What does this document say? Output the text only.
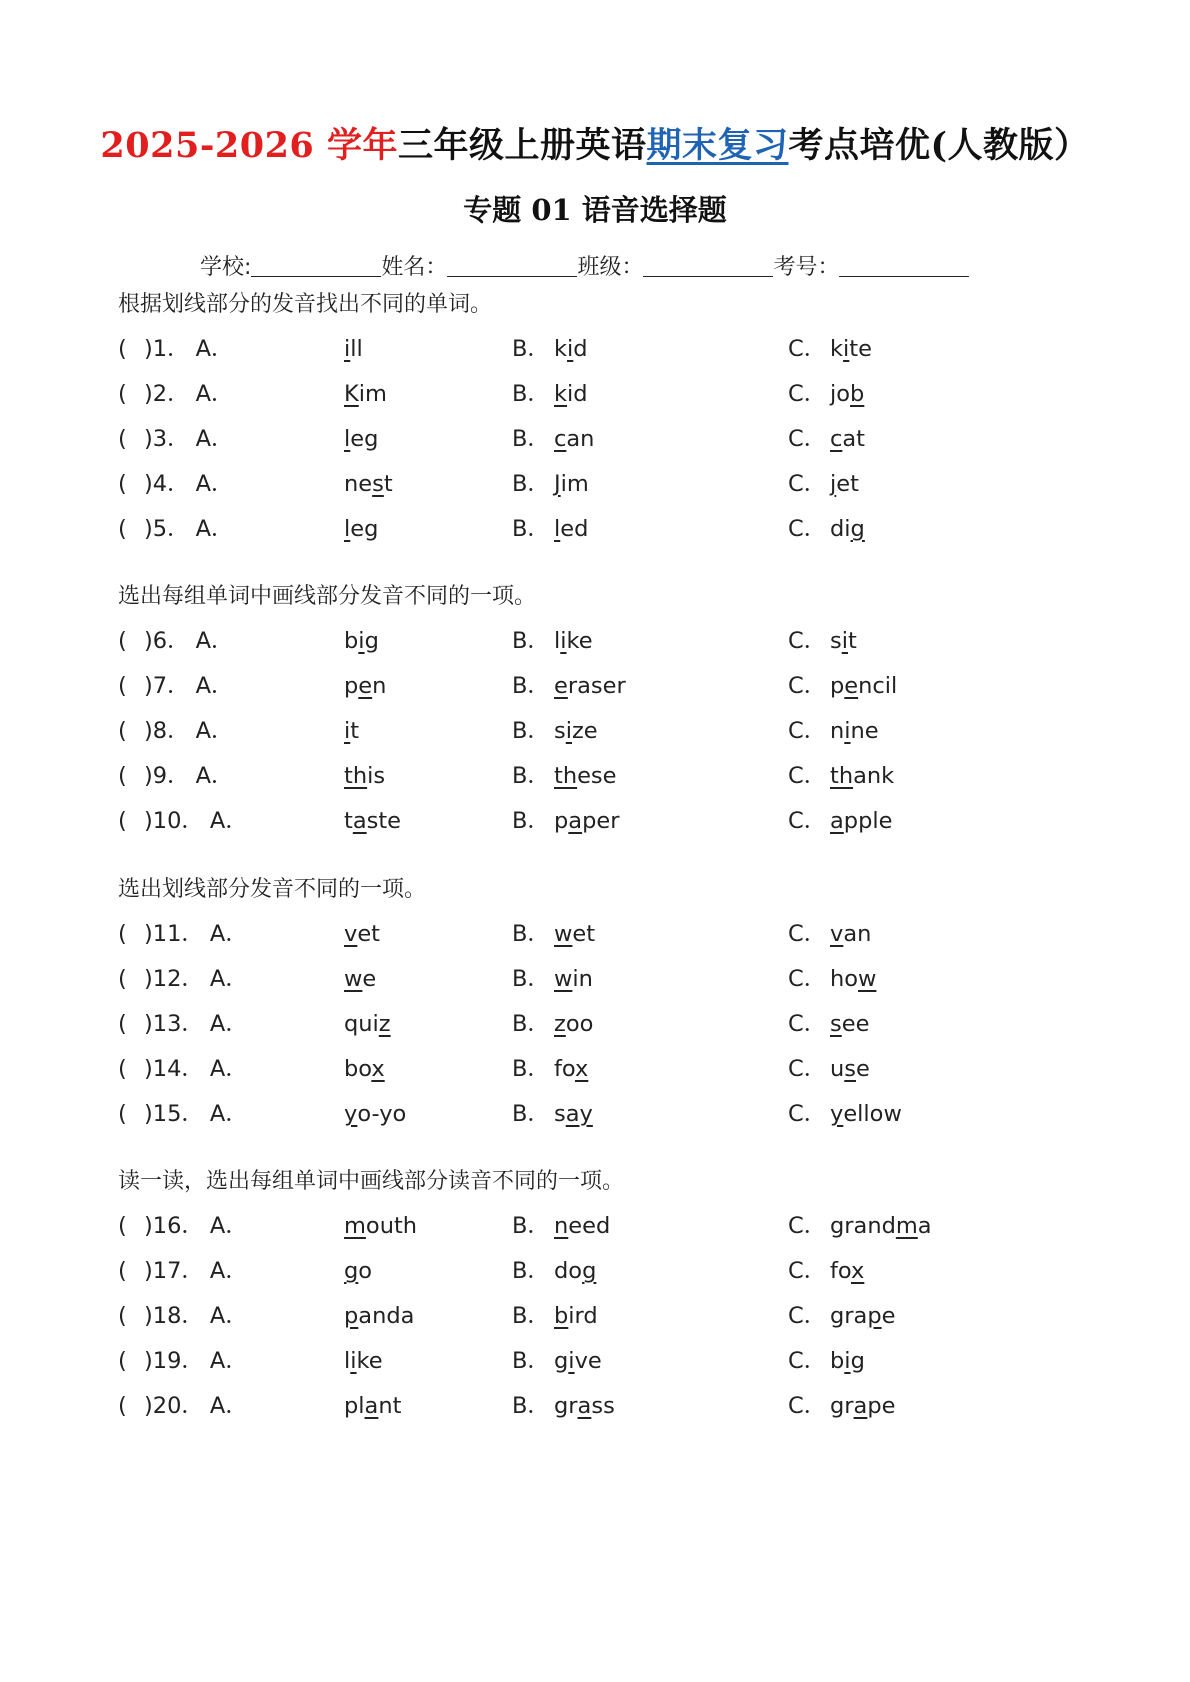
2025-2026 学年三年级上册英语期末复习考点培优(人教版）
专题 01 语音选择题
学校:	姓名：	班级：	考号：
根据划线部分的发音找出不同的单词。
( )1．A．	ill	B． kid	C． kite
( )2．A．	Kim	B． kid	C． job
( )3．A．	leg	B． can	C． cat
( )4．A．	nest	B． Jim	C． jet
( )5．A．	leg	B． led	C． dig
选出每组单词中画线部分发音不同的一项。
( )6．A．	big	B． like	C． sit
( )7．A．	pen	B． eraser	C． pencil
( )8．A．	it	B． size	C． nine
( )9．A．	this	B． these	C． thank
( )10．A．	taste	B． paper	C． apple
选出划线部分发音不同的一项。
( )11．A．	vet	B． wet	C． van
( )12．A．	we	B． win	C． how
( )13．A．	quiz	B． zoo	C． see
( )14．A．	box	B． fox	C． use
( )15．A．	yo-yo	B． say	C． yellow
读一读，选出每组单词中画线部分读音不同的一项。
( )16．A．	mouth	B． need	C． grandma
( )17．A．	go	B． dog	C． fox
( )18．A．	panda	B． bird	C． grape
( )19．A．	like	B． give	C． big
( )20．A．	plant	B． grass	C． grape
